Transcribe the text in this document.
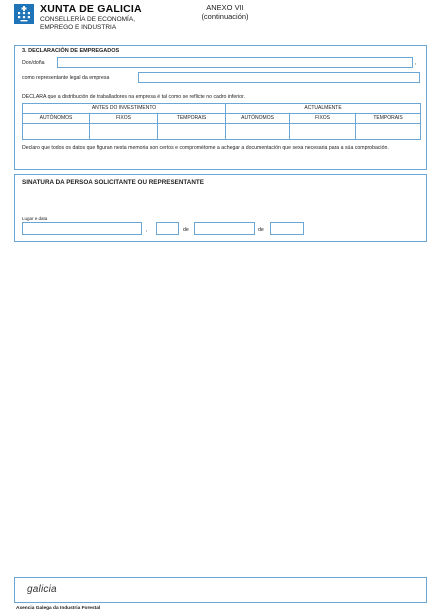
XUNTA DE GALICIA
CONSELLERÍA DE ECONOMÍA,
EMPREGO E INDUSTRIA
ANEXO VII
(continuación)
3. DECLARACIÓN DE EMPREGADOS
Don/doña	,
como representante legal da empresa
DECLARA que a distribución de traballadores na empresa é tal como se reflicte no cadro inferior.
ANTES DO INVESTIMENTO			ACTUALMENTE		
AUTÓNOMOS	FIXOS	TEMPORAIS	AUTÓNOMOS	FIXOS	TEMPORAIS

Declaro que todos os datos que figuran nesta memoria son certos e comprométome a achegar a documentación que sexa necesaria para a súa comprobación.
SINATURA DA PERSOA SOLICITANTE OU REPRESENTANTE
Lugar e data
,	de	de
galicia
Axencia Galega da Industria Forestal
